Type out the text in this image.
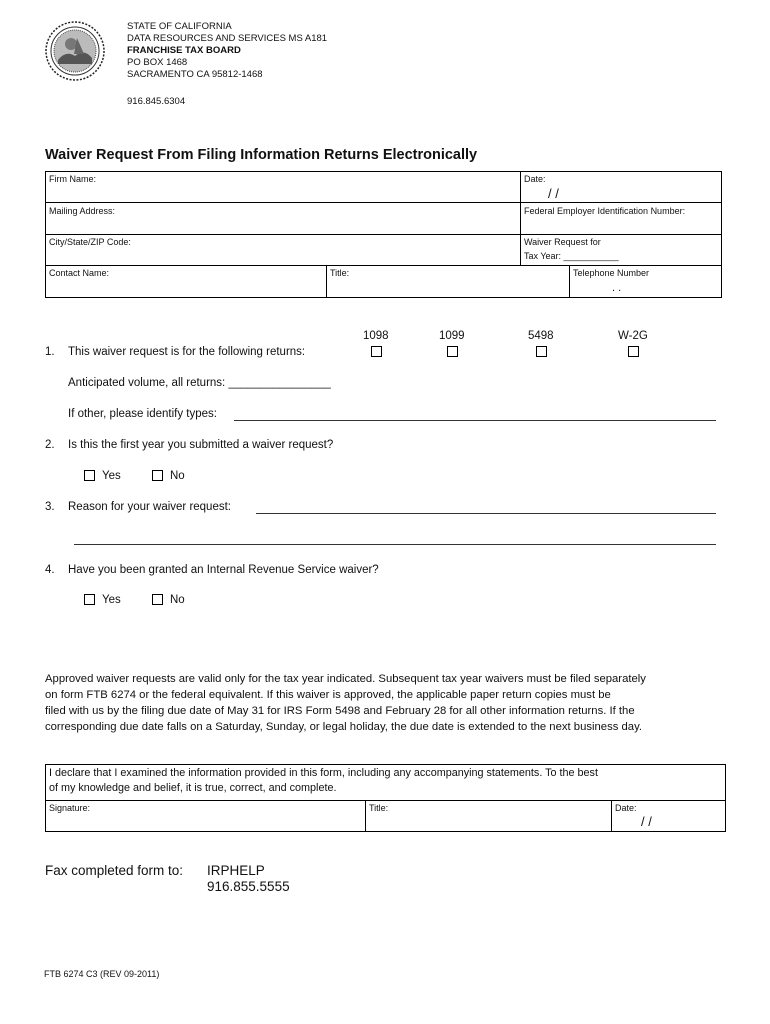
STATE OF CALIFORNIA
DATA RESOURCES AND SERVICES MS A181
FRANCHISE TAX BOARD
PO BOX 1468
SACRAMENTO CA 95812-1468
916.845.6304
Waiver Request From Filing Information Returns Electronically
Firm Name:	Date:
/ /
Mailing Address:	Federal Employer Identification Number:
City/State/ZIP Code:	Waiver Request for
Tax Year: ___________
Contact Name:	Title:	Telephone Number
. .
1098	1099	5498	W-2G
1. This waiver request is for the following returns:
Anticipated volume, all returns: ________________
If other, please identify types:
2. Is this the first year you submitted a waiver request?
Yes	No
3. Reason for your waiver request:
4. Have you been granted an Internal Revenue Service waiver?
Yes	No
Approved waiver requests are valid only for the tax year indicated. Subsequent tax year waivers must be filed separately
on form FTB 6274 or the federal equivalent. If this waiver is approved, the applicable paper return copies must be
filed with us by the filing due date of May 31 for IRS Form 5498 and February 28 for all other information returns. If the
corresponding due date falls on a Saturday, Sunday, or legal holiday, the due date is extended to the next business day.
I declare that I examined the information provided in this form, including any accompanying statements. To the best
of my knowledge and belief, it is true, correct, and complete.
Signature:	Title:	Date:
/ /
Fax completed form to: IRPHELP
916.855.5555
FTB 6274 C3 (REV 09-2011)
